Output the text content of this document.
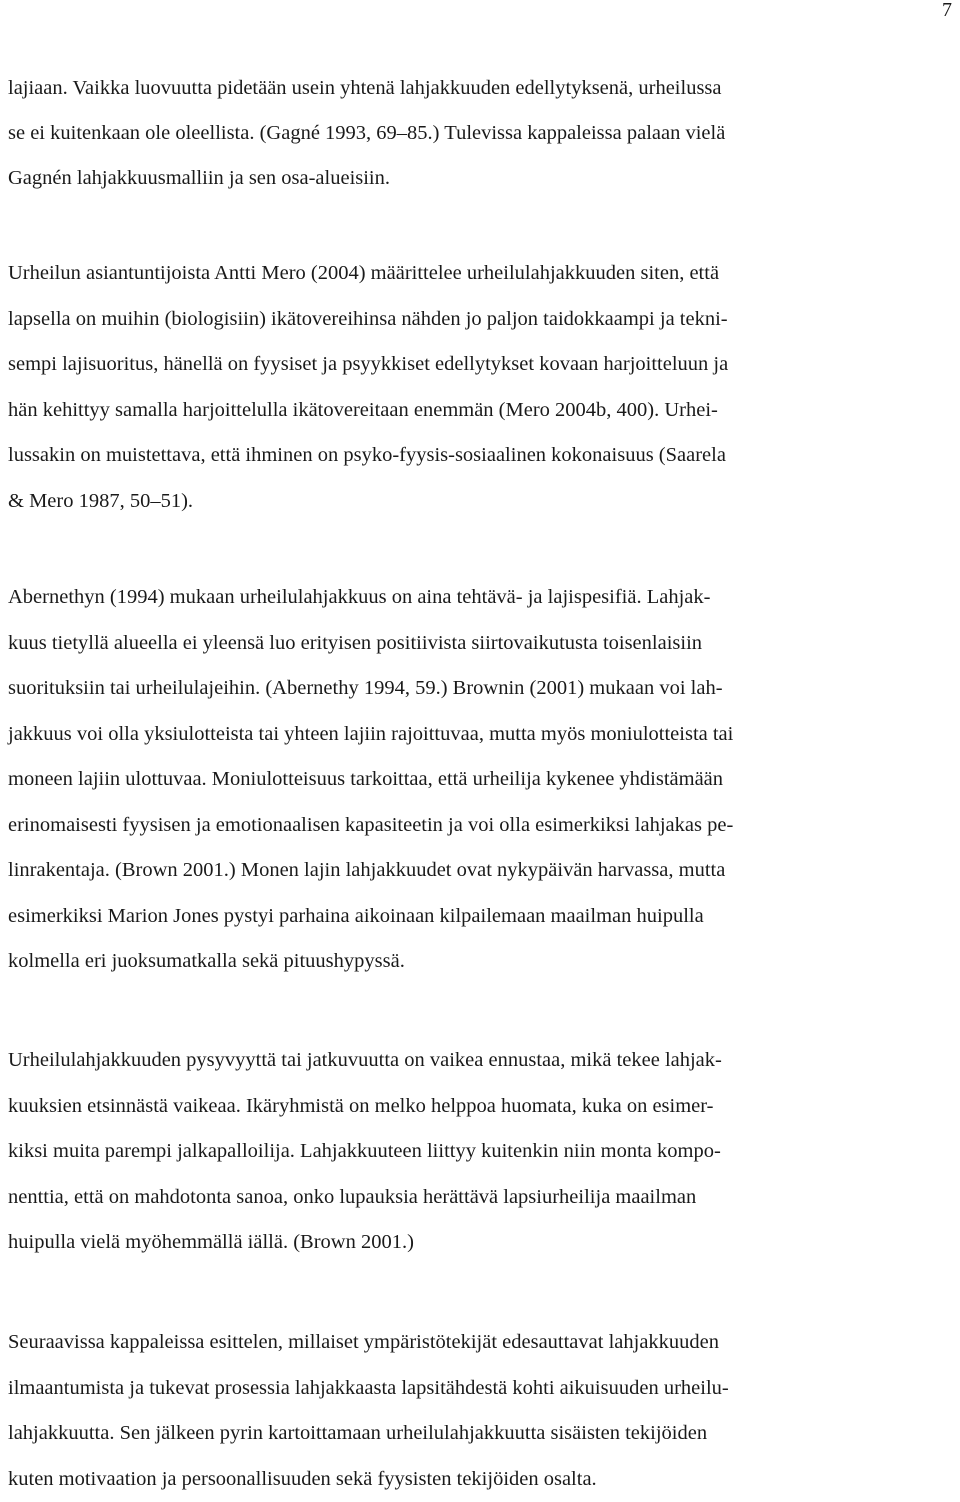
7
lajiaan. Vaikka luovuutta pidetään usein yhtenä lahjakkuuden edellytyksenä, urheilussa
se ei kuitenkaan ole oleellista. (Gagné 1993, 69–85.) Tulevissa kappaleissa palaan vielä
Gagnén lahjakkuusmalliin ja sen osa-alueisiin.
Urheilun asiantuntijoista Antti Mero (2004) määrittelee urheilulahjakkuuden siten, että
lapsella on muihin (biologisiin) ikätovereihinsa nähden jo paljon taidokkaampi ja tekni-
sempi lajisuoritus, hänellä on fyysiset ja psyykkiset edellytykset kovaan harjoitteluun ja
hän kehittyy samalla harjoittelulla ikätovereitaan enemmän (Mero 2004b, 400). Urhei-
lussakin on muistettava, että ihminen on psyko-fyysis-sosiaalinen kokonaisuus (Saarela
& Mero 1987, 50–51).
Abernethyn (1994) mukaan urheilulahjakkuus on aina tehtävä- ja lajispesifiä. Lahjak-
kuus tietyllä alueella ei yleensä luo erityisen positiivista siirtovaikutusta toisenlaisiin
suorituksiin tai urheilulajeihin. (Abernethy 1994, 59.) Brownin (2001) mukaan voi lah-
jakkuus voi olla yksiulotteista tai yhteen lajiin rajoittuvaa, mutta myös moniulotteista tai
moneen lajiin ulottuvaa. Moniulotteisuus tarkoittaa, että urheilija kykenee yhdistämään
erinomaisesti fyysisen ja emotionaalisen kapasiteetin ja voi olla esimerkiksi lahjakas pe-
linrakentaja. (Brown 2001.) Monen lajin lahjakkuudet ovat nykypäivän harvassa, mutta
esimerkiksi Marion Jones pystyi parhaina aikoinaan kilpailemaan maailman huipulla
kolmella eri juoksumatkalla sekä pituushypyssä.
Urheilulahjakkuuden pysyvyyttä tai jatkuvuutta on vaikea ennustaa, mikä tekee lahjak-
kuuksien etsinnästä vaikeaa. Ikäryhmistä on melko helppoa huomata, kuka on esimer-
kiksi muita parempi jalkapalloilija. Lahjakkuuteen liittyy kuitenkin niin monta kompo-
nenttia, että on mahdotonta sanoa, onko lupauksia herättävä lapsiurheilija maailman
huipulla vielä myöhemmällä iällä. (Brown 2001.)
Seuraavissa kappaleissa esittelen, millaiset ympäristötekijät edesauttavat lahjakkuuden
ilmaantumista ja tukevat prosessia lahjakkaasta lapsitähdestä kohti aikuisuuden urheilu-
lahjakkuutta. Sen jälkeen pyrin kartoittamaan urheilulahjakkuutta sisäisten tekijöiden
kuten motivaation ja persoonallisuuden sekä fyysisten tekijöiden osalta.
